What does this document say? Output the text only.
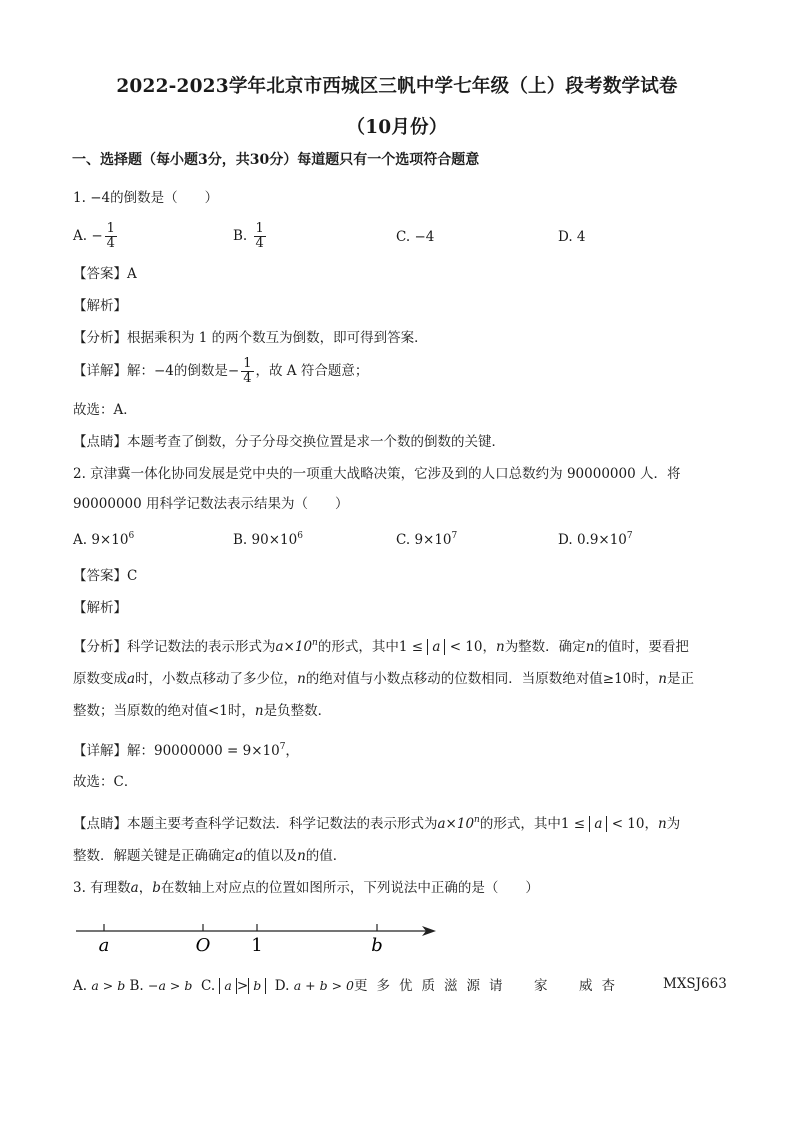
2022-2023学年北京市西城区三帆中学七年级（上）段考数学试卷
（10月份）
一、选择题（每小题3分，共30分）每道题只有一个选项符合题意
1. −4的倒数是（　　）
A. − $\frac{1}{4}$	B. $\frac{1}{4}$	C. −4	D. 4
【答案】A
【解析】
【分析】根据乘积为 1 的两个数互为倒数，即可得到答案．
【详解】解：−4的倒数是− $\frac{1}{4}$ ，故 A 符合题意；
故选：A．
【点睛】本题考查了倒数，分子分母交换位置是求一个数的倒数的关键．
2. 京津冀一体化协同发展是党中央的一项重大战略决策，它涉及到的人口总数约为 90000000 人．将
90000000 用科学记数法表示结果为（　　）
A. $9\times 10^6$	B. $90\times 10^6$	C. $9\times 10^7$	D. $0.9\times 10^7$
【答案】C
【解析】
【分析】科学记数法的表示形式为$a\times 10^n$的形式，其中1 ≤ a < 10，n为整数．确定n的值时，要看把
原数变成a时，小数点移动了多少位，n的绝对值与小数点移动的位数相同．当原数绝对值≥10时，n是正
整数；当原数的绝对值<1时，n是负整数．
【详解】解：$90000000 = 9\times 10^7$，
故选：C．
【点睛】本题主要考查科学记数法．科学记数法的表示形式为$a\times 10^n$的形式，其中1 ≤ a < 10，n为
整数．解题关键是正确确定a的值以及n的值．
3. 有理数a，b在数轴上对应点的位置如图所示，下列说法中正确的是（　　）
a	O 1	b
A. a > b B. −a > b C. a > b D. a + b > 0更多优质滋源请　家　威杏	MXSJ663
